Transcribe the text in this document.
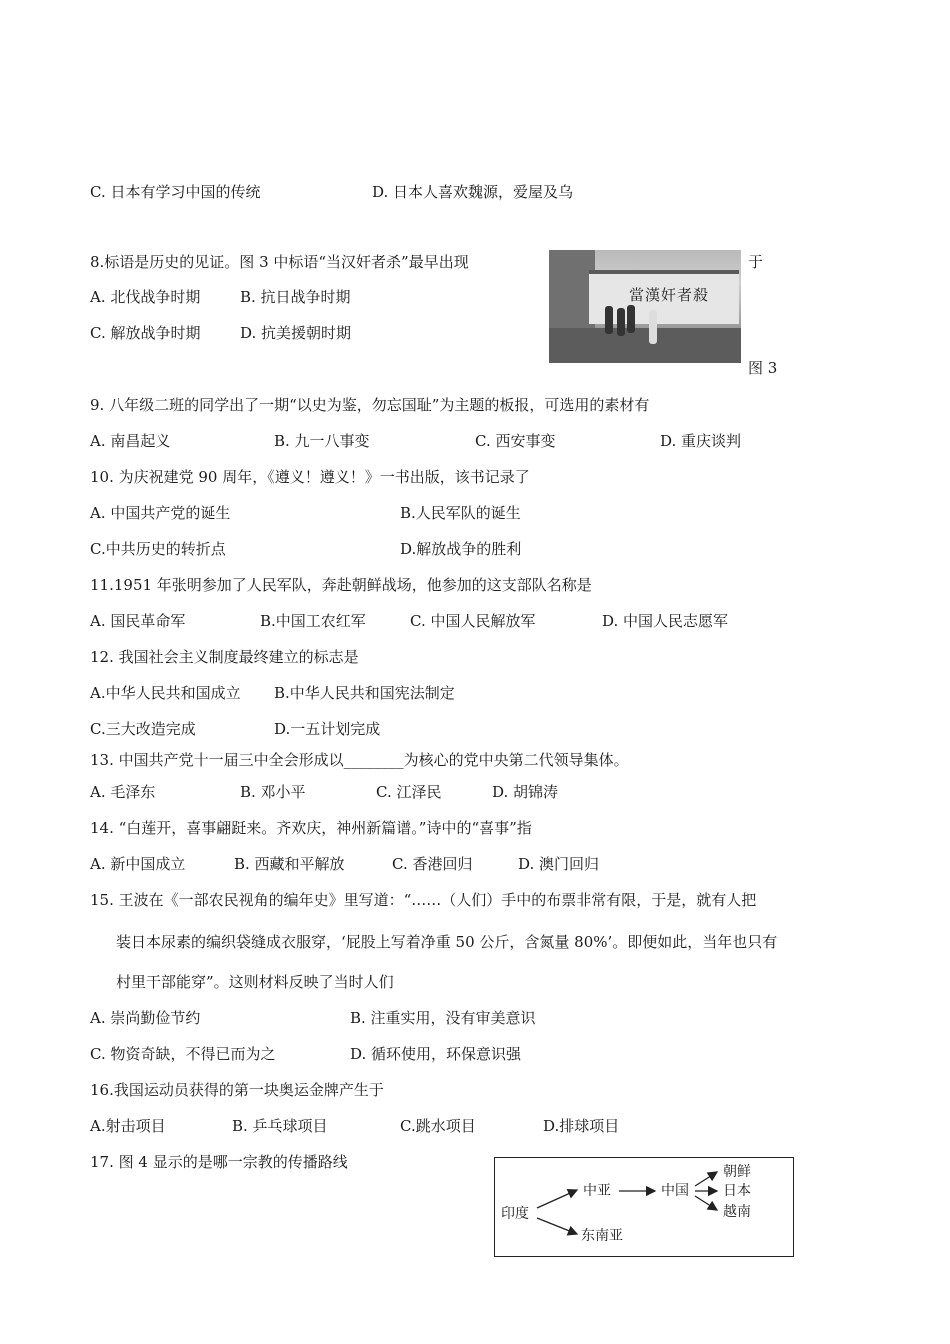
C. 日本有学习中国的传统	D. 日本人喜欢魏源，爱屋及乌
8.标语是历史的见证。图 3 中标语“当汉奸者杀”最早出现	于
A. 北伐战争时期	B. 抗日战争时期
C. 解放战争时期	D. 抗美援朝时期
當漢奸者殺
图 3
9. 八年级二班的同学出了一期“以史为鉴，勿忘国耻”为主题的板报，可选用的素材有
A. 南昌起义	B. 九一八事变	C. 西安事变	D. 重庆谈判
10. 为庆祝建党 90 周年，《遵义！遵义！》一书出版，该书记录了
A. 中国共产党的诞生	B.人民军队的诞生
C.中共历史的转折点	D.解放战争的胜利
11.1951 年张明参加了人民军队，奔赴朝鲜战场，他参加的这支部队名称是
A. 国民革命军	B.中国工农红军	C. 中国人民解放军	D. 中国人民志愿军
12. 我国社会主义制度最终建立的标志是
A.中华人民共和国成立 B.中华人民共和国宪法制定
C.三大改造完成	D.一五计划完成
13. 中国共产党十一届三中全会形成以________为核心的党中央第二代领导集体。
A. 毛泽东	B. 邓小平	C. 江泽民	D. 胡锦涛
14. “白莲开，喜事翩跹来。齐欢庆，神州新篇谱。”诗中的“喜事”指
A. 新中国成立	B. 西藏和平解放	C. 香港回归	D. 澳门回归
15. 王波在《一部农民视角的编年史》里写道：“……（人们）手中的布票非常有限，于是，就有人把
装日本尿素的编织袋缝成衣服穿，‘屁股上写着净重 50 公斤，含氮量 80%’。即便如此，当年也只有
村里干部能穿”。这则材料反映了当时人们
A. 崇尚勤俭节约	B. 注重实用，没有审美意识
C. 物资奇缺，不得已而为之	D. 循环使用，环保意识强
16.我国运动员获得的第一块奥运金牌产生于
A.射击项目	B. 乒乓球项目	C.跳水项目	D.排球项目
17. 图 4 显示的是哪一宗教的传播路线
印度
中亚
东南亚
中国
朝鲜
日本
越南
